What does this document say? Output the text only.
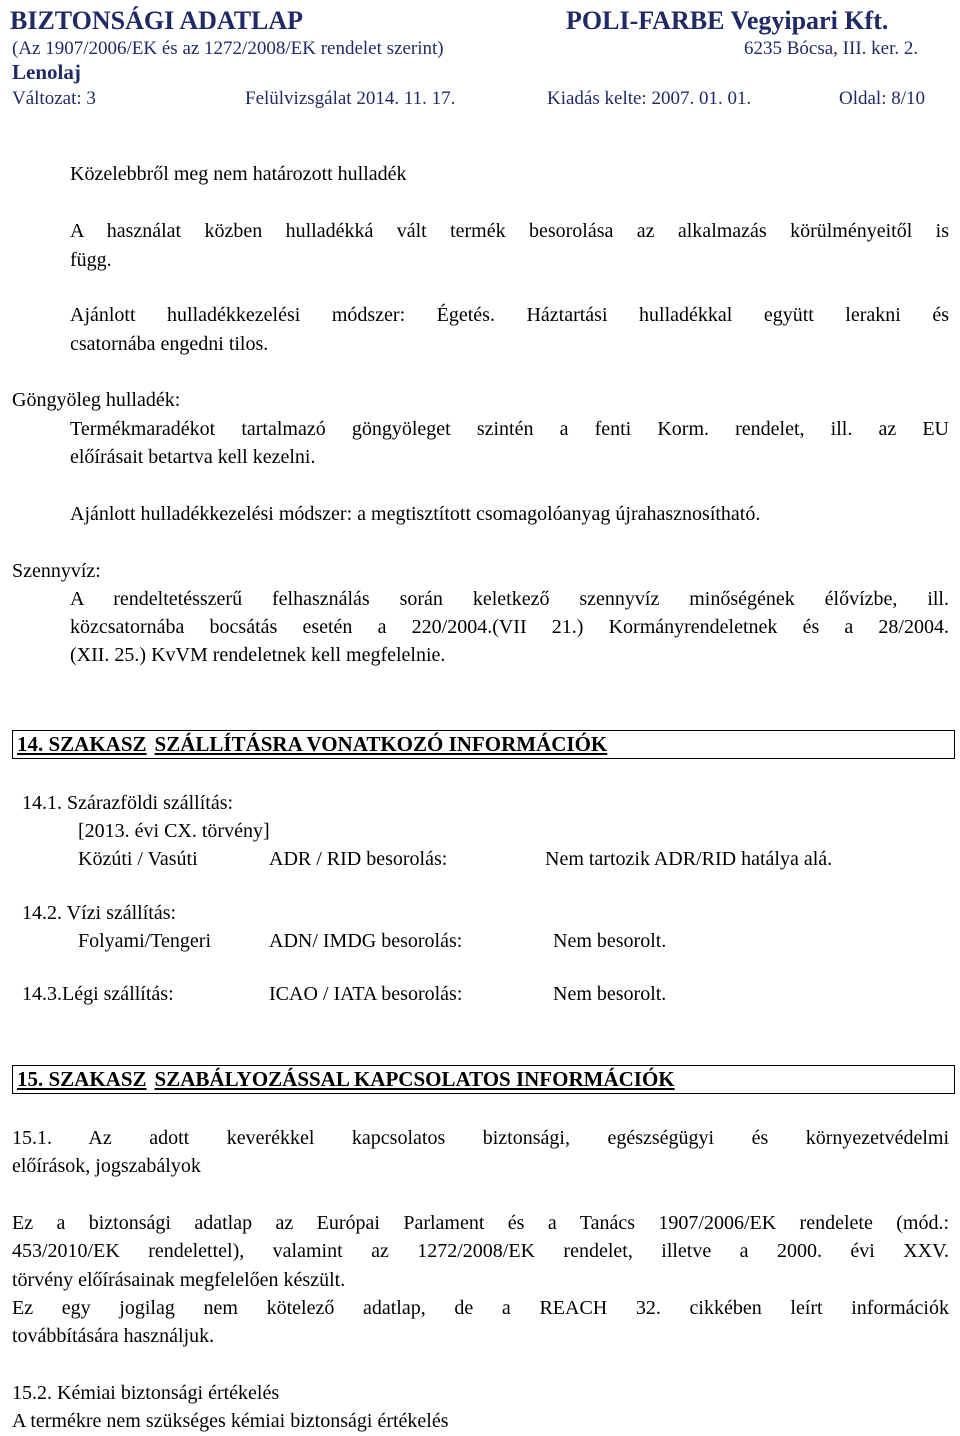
BIZTONSÁGI ADATLAP	POLI-FARBE Vegyipari Kft.
(Az 1907/2006/EK és az 1272/2008/EK rendelet szerint)	6235 Bócsa, III. ker. 2.
Lenolaj
Változat: 3	Felülvizsgálat 2014. 11. 17.	Kiadás kelte: 2007. 01. 01.	Oldal: 8/10
Közelebbről meg nem határozott hulladék
A használat közben hulladékká vált termék besorolása az alkalmazás körülményeitől is
függ.
Ajánlott hulladékkezelési módszer: Égetés. Háztartási hulladékkal együtt lerakni és
csatornába engedni tilos.
Göngyöleg hulladék:
Termékmaradékot tartalmazó göngyöleget szintén a fenti Korm. rendelet, ill. az EU
előírásait betartva kell kezelni.
Ajánlott hulladékkezelési módszer: a megtisztított csomagolóanyag újrahasznosítható.
Szennyvíz:
A rendeltetésszerű felhasználás során keletkező szennyvíz minőségének élővízbe, ill.
közcsatornába bocsátás esetén a 220/2004.(VII 21.) Kormányrendeletnek és a 28/2004.
(XII. 25.) KvVM rendeletnek kell megfelelnie.
14. SZAKASZ SZÁLLÍTÁSRA VONATKOZÓ INFORMÁCIÓK
14.1. Szárazföldi szállítás:
[2013. évi CX. törvény]
Közúti / Vasúti	ADR / RID besorolás:	Nem tartozik ADR/RID hatálya alá.
14.2. Vízi szállítás:
Folyami/Tengeri	ADN/ IMDG besorolás:	Nem besorolt.
14.3.Légi szállítás:	ICAO / IATA besorolás:	Nem besorolt.
15. SZAKASZ SZABÁLYOZÁSSAL KAPCSOLATOS INFORMÁCIÓK
15.1. Az adott keverékkel kapcsolatos biztonsági, egészségügyi és környezetvédelmi
előírások, jogszabályok
Ez a biztonsági adatlap az Európai Parlament és a Tanács 1907/2006/EK rendelete (mód.:
453/2010/EK rendelettel), valamint az 1272/2008/EK rendelet, illetve a 2000. évi XXV.
törvény előírásainak megfelelően készült.
Ez egy jogilag nem kötelező adatlap, de a REACH 32. cikkében leírt információk
továbbítására használjuk.
15.2. Kémiai biztonsági értékelés
A termékre nem szükséges kémiai biztonsági értékelés
